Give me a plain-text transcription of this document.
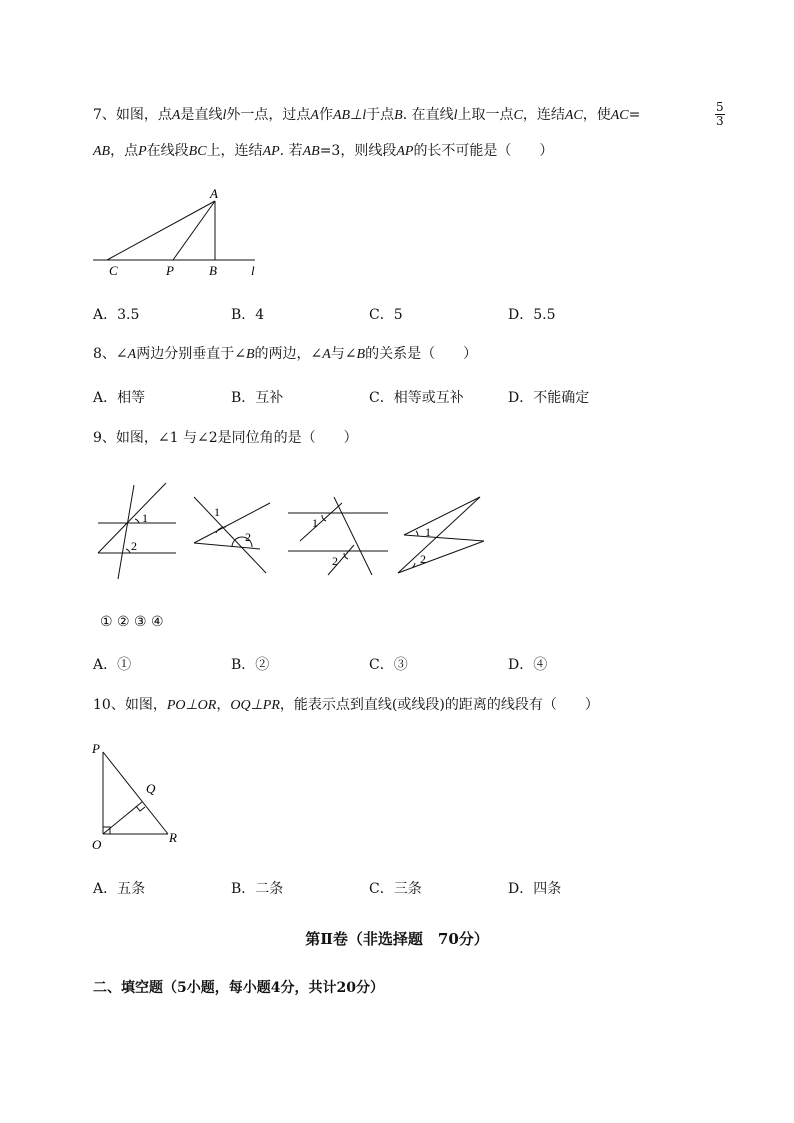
7、如图，点A是直线l外一点，过点A作AB⊥l于点B. 在直线l上取一点C，连结AC，使AC=	$\frac{5}{3}$
AB，点P在线段BC上，连结AP. 若AB=3，则线段AP的长不可能是（　　）
A
C	P	B	l
A．3.5	B．4	C．5	D．5.5
8、∠A两边分别垂直于∠B的两边，∠A与∠B的关系是（　　）
A．相等	B．互补	C．相等或互补	D．不能确定
9、如图，∠1 与∠2是同位角的是（　　）
1
2
1
2
1
2
1
2
① ② ③ ④
A．①	B．②	C．③	D．④
10、如图，PO⊥OR，OQ⊥PR，能表示点到直线(或线段)的距离的线段有（　　）
P
Q
O	R
A．五条	B．二条	C．三条	D．四条
第Ⅱ卷（非选择题　70分）
二、填空题（5小题，每小题4分，共计20分）
